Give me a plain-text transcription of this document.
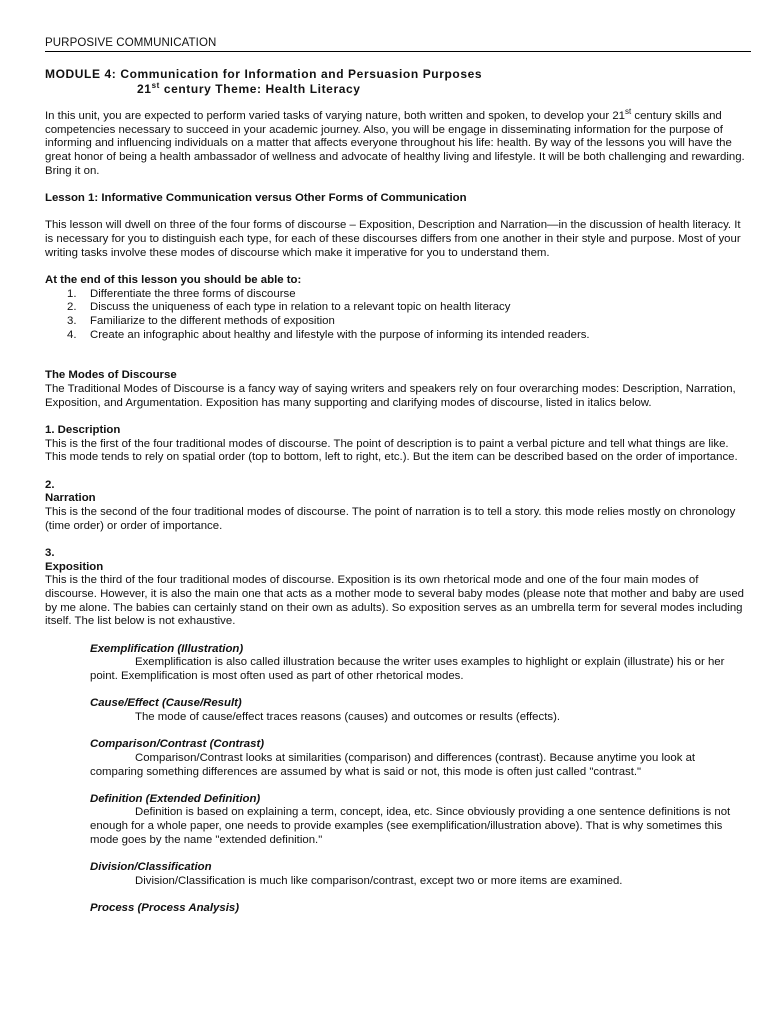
PURPOSIVE COMMUNICATION
MODULE 4: Communication for Information and Persuasion Purposes
21st century Theme: Health Literacy

In this unit, you are expected to perform varied tasks of varying nature, both written and spoken, to develop your 21st century skills and competencies necessary to succeed in your academic journey. Also, you will be engage in disseminating information for the purpose of informing and influencing individuals on a matter that affects everyone throughout his life: health. By way of the lessons you will have the great honor of being a health ambassador of wellness and advocate of healthy living and lifestyle. It will be both challenging and rewarding. Bring it on.

Lesson 1: Informative Communication versus Other Forms of Communication

This lesson will dwell on three of the four forms of discourse – Exposition, Description and Narration—in the discussion of health literacy. It is necessary for you to distinguish each type, for each of these discourses differs from one another in their style and purpose. Most of your writing tasks involve these modes of discourse which make it imperative for you to understand them.

At the end of this lesson you should be able to:

1. Differentiate the three forms of discourse
2. Discuss the uniqueness of each type in relation to a relevant topic on health literacy
3. Familiarize to the different methods of exposition
4. Create an infographic about healthy and lifestyle with the purpose of informing its intended readers.

The Modes of Discourse

The Traditional Modes of Discourse is a fancy way of saying writers and speakers rely on four overarching modes: Description, Narration, Exposition, and Argumentation. Exposition has many supporting and clarifying modes of discourse, listed in italics below.

1. Description

This is the first of the four traditional modes of discourse. The point of description is to paint a verbal picture and tell what things are like. This mode tends to rely on spatial order (top to bottom, left to right, etc.). But the item can be described based on the order of importance.

2.

Narration

This is the second of the four traditional modes of discourse. The point of narration is to tell a story. this mode relies mostly on chronology (time order) or order of importance.

3.

Exposition

This is the third of the four traditional modes of discourse. Exposition is its own rhetorical mode and one of the four main modes of discourse. However, it is also the main one that acts as a mother mode to several baby modes (please note that mother and baby are used by me alone. The babies can certainly stand on their own as adults). So exposition serves as an umbrella term for several modes including itself. The list below is not exhaustive.

Exemplification (Illustration)

Exemplification is also called illustration because the writer uses examples to highlight or explain (illustrate) his or her point. Exemplification is most often used as part of other rhetorical modes.

Cause/Effect (Cause/Result)

The mode of cause/effect traces reasons (causes) and outcomes or results (effects).

Comparison/Contrast (Contrast)

Comparison/Contrast looks at similarities (comparison) and differences (contrast). Because anytime you look at comparing something differences are assumed by what is said or not, this mode is often just called "contrast."

Definition (Extended Definition)

Definition is based on explaining a term, concept, idea, etc. Since obviously providing a one sentence definitions is not enough for a whole paper, one needs to provide examples (see exemplification/illustration above). That is why sometimes this mode goes by the name "extended definition."

Division/Classification

Division/Classification is much like comparison/contrast, except two or more items are examined.

Process (Process Analysis)
